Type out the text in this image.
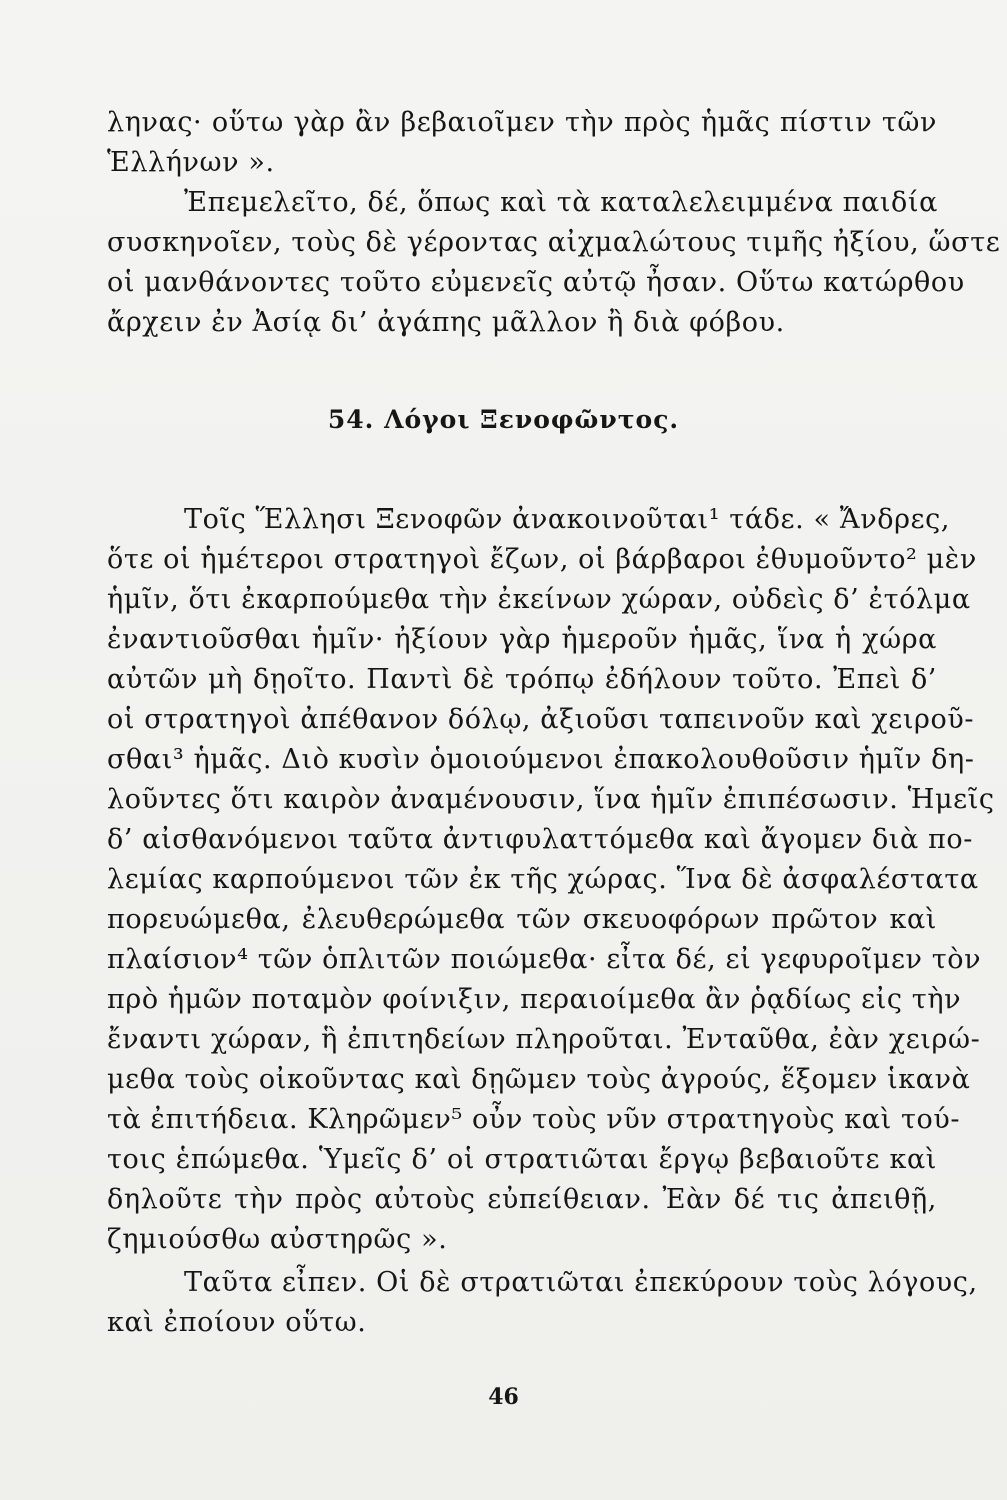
ληνας· οὕτω γὰρ ἂν βεβαιοῖμεν τὴν πρὸς ἡμᾶς πίστιν τῶν
Ἑλλήνων ».
Ἐπεμελεῖτο, δέ, ὅπως καὶ τὰ καταλελειμμένα παιδία
συσκηνοῖεν, τοὺς δὲ γέροντας αἰχμαλώτους τιμῆς ἠξίου, ὥστε
οἱ μανθάνοντες τοῦτο εὐμενεῖς αὐτῷ ἦσαν. Οὕτω κατώρθου
ἄρχειν ἐν Ἀσίᾳ δι’ ἀγάπης μᾶλλον ἢ διὰ φόβου.
54. Λόγοι Ξενοφῶντος.
Τοῖς Ἕλλησι Ξενοφῶν ἀνακοινοῦται¹ τάδε. « Ἄνδρες,
ὅτε οἱ ἡμέτεροι στρατηγοὶ ἔζων, οἱ βάρβαροι ἐθυμοῦντο² μὲν
ἡμῖν, ὅτι ἐκαρπούμεθα τὴν ἐκείνων χώραν, οὐδεὶς δ’ ἐτόλμα
ἐναντιοῦσθαι ἡμῖν· ἠξίουν γὰρ ἡμεροῦν ἡμᾶς, ἵνα ἡ χώρα
αὐτῶν μὴ δῃοῖτο. Παντὶ δὲ τρόπῳ ἐδήλουν τοῦτο. Ἐπεὶ δ’
οἱ στρατηγοὶ ἀπέθανον δόλῳ, ἀξιοῦσι ταπεινοῦν καὶ χειροῦ-
σθαι³ ἡμᾶς. Διὸ κυσὶν ὁμοιούμενοι ἐπακολουθοῦσιν ἡμῖν δη-
λοῦντες ὅτι καιρὸν ἀναμένουσιν, ἵνα ἡμῖν ἐπιπέσωσιν. Ἡμεῖς
δ’ αἰσθανόμενοι ταῦτα ἀντιφυλαττόμεθα καὶ ἄγομεν διὰ πο-
λεμίας καρπούμενοι τῶν ἐκ τῆς χώρας. Ἵνα δὲ ἀσφαλέστατα
πορευώμεθα, ἐλευθερώμεθα τῶν σκευοφόρων πρῶτον καὶ
πλαίσιον⁴ τῶν ὁπλιτῶν ποιώμεθα· εἶτα δέ, εἰ γεφυροῖμεν τὸν
πρὸ ἡμῶν ποταμὸν φοίνιξιν, περαιοίμεθα ἂν ῥᾳδίως εἰς τὴν
ἔναντι χώραν, ἣ ἐπιτηδείων πληροῦται. Ἐνταῦθα, ἐὰν χειρώ-
μεθα τοὺς οἰκοῦντας καὶ δῃῶμεν τοὺς ἀγρούς, ἕξομεν ἱκανὰ
τὰ ἐπιτήδεια. Κληρῶμεν⁵ οὖν τοὺς νῦν στρατηγοὺς καὶ τού-
τοις ἑπώμεθα. Ὑμεῖς δ’ οἱ στρατιῶται ἔργῳ βεβαιοῦτε καὶ
δηλοῦτε τὴν πρὸς αὐτοὺς εὐπείθειαν. Ἐὰν δέ τις ἀπειθῇ,
ζημιούσθω αὐστηρῶς ».
Ταῦτα εἶπεν. Οἱ δὲ στρατιῶται ἐπεκύρουν τοὺς λόγους,
καὶ ἐποίουν οὕτω.
46
